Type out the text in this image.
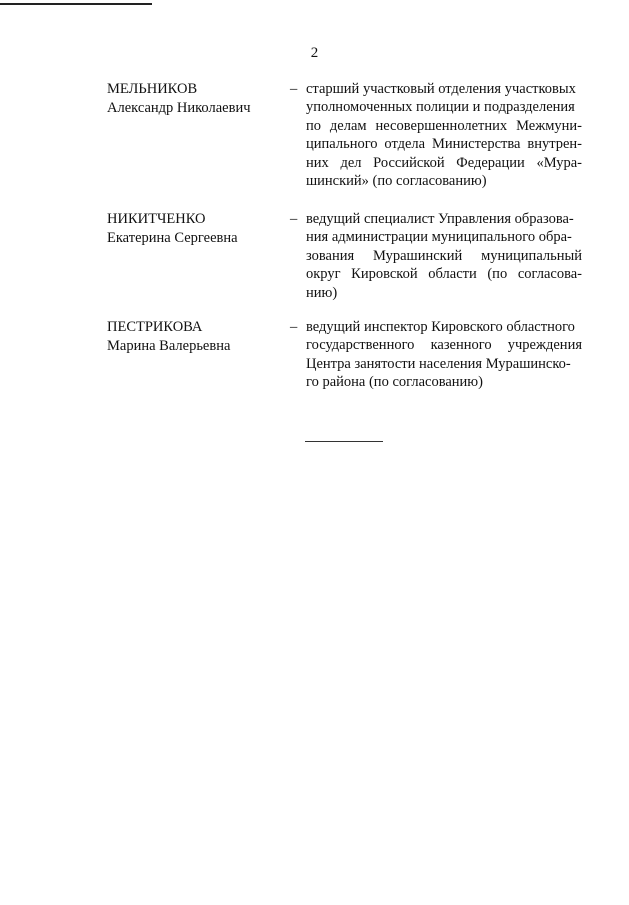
2
МЕЛЬНИКОВ
Александр Николаевич
– старший участковый отделения участковых
уполномоченных полиции и подразделения
по делам несовершеннолетних Межмуни-
ципального отдела Министерства внутрен-
них дел Российской Федерации «Мура-
шинский» (по согласованию)
НИКИТЧЕНКО
Екатерина Сергеевна
– ведущий специалист Управления образова-
ния администрации муниципального обра-
зования Мурашинский муниципальный
округ Кировской области (по согласова-
нию)
ПЕСТРИКОВА
Марина Валерьевна
– ведущий инспектор Кировского областного
государственного казенного учреждения
Центра занятости населения Мурашинско-
го района (по согласованию)
